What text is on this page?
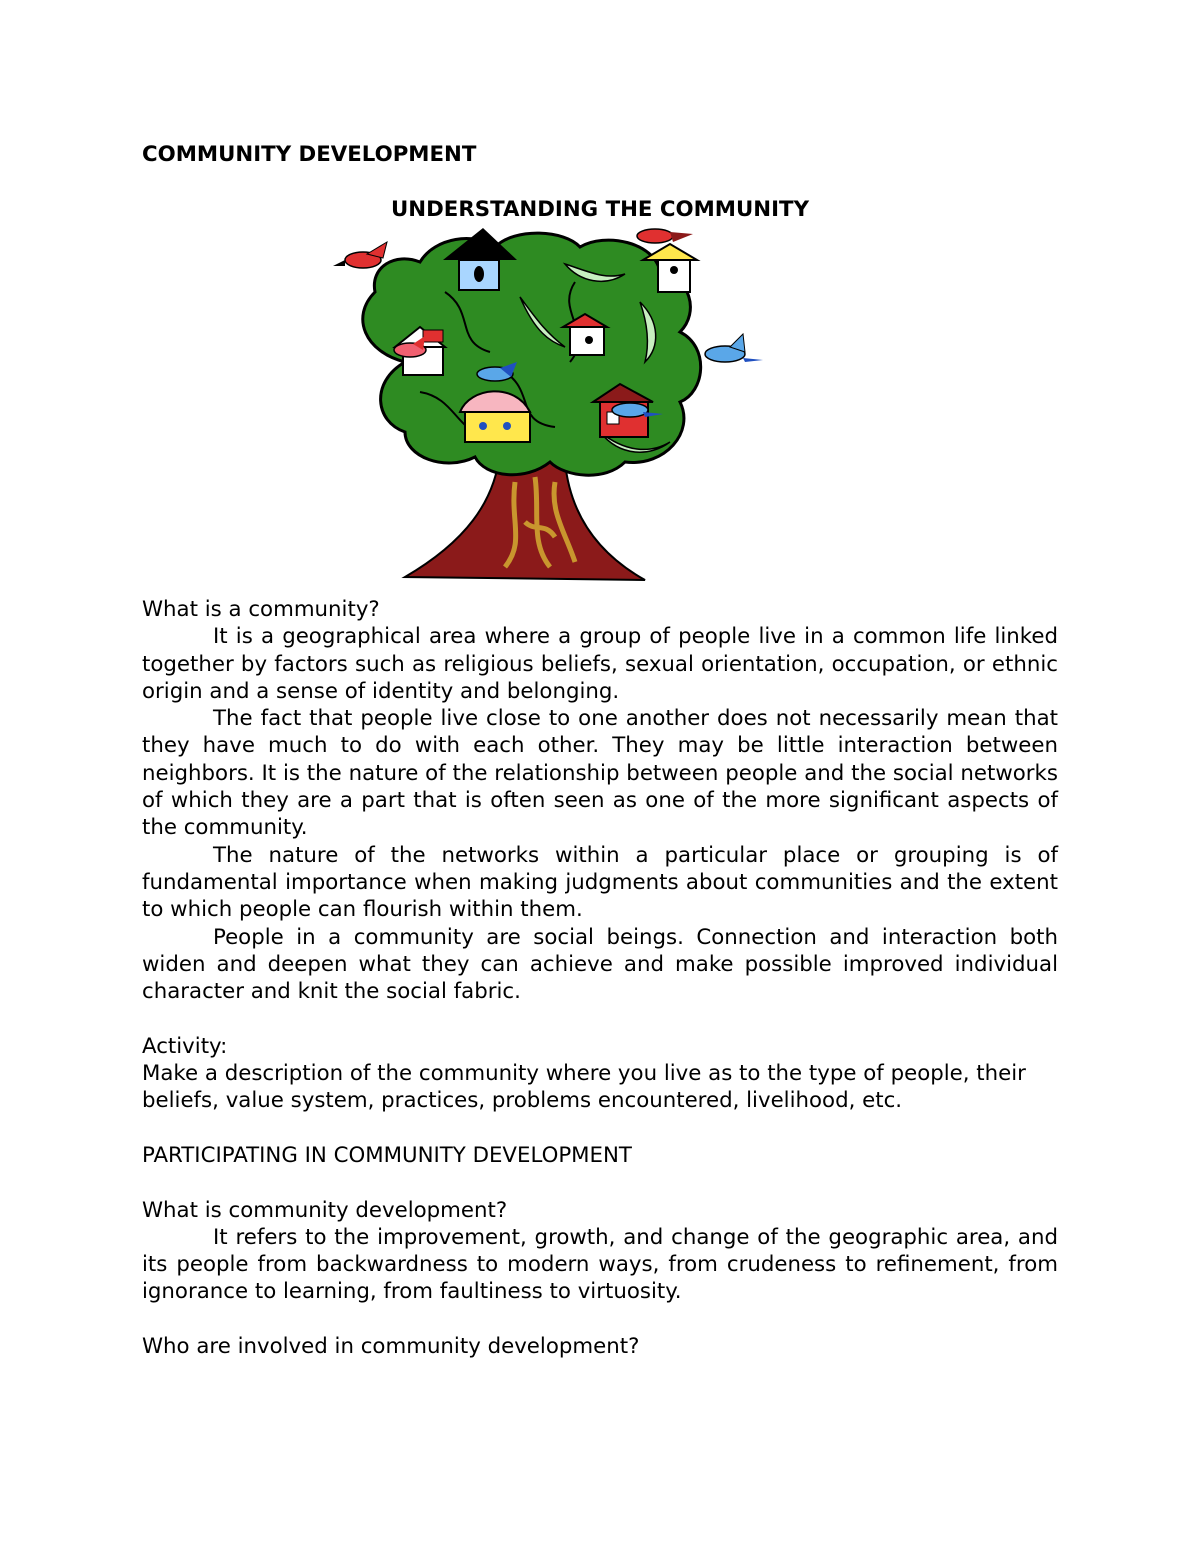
COMMUNITY DEVELOPMENT
UNDERSTANDING THE COMMUNITY

What is a community?

It is a geographical area where a group of people live in a common life linked together by factors such as religious beliefs, sexual orientation, occupation, or ethnic origin and a sense of identity and belonging.

The fact that people live close to one another does not necessarily mean that they have much to do with each other. They may be little interaction between neighbors. It is the nature of the relationship between people and the social networks of which they are a part that is often seen as one of the more significant aspects of the community.

The nature of the networks within a particular place or grouping is of fundamental importance when making judgments about communities and the extent to which people can flourish within them.

People in a community are social beings. Connection and interaction both widen and deepen what they can achieve and make possible improved individual character and knit the social fabric.

Activity:

Make a description of the community where you live as to the type of people, their beliefs, value system, practices, problems encountered, livelihood, etc.

PARTICIPATING IN COMMUNITY DEVELOPMENT

What is community development?

It refers to the improvement, growth, and change of the geographic area, and its people from backwardness to modern ways, from crudeness to refinement, from ignorance to learning, from faultiness to virtuosity.

Who are involved in community development?
